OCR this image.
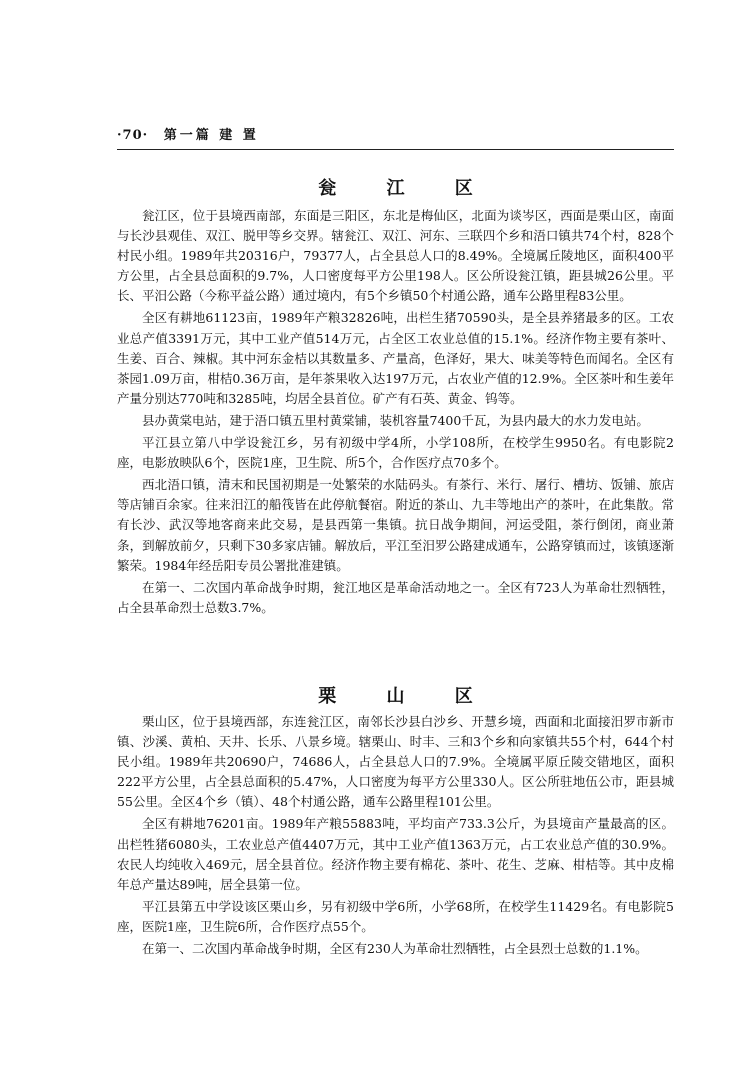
·70· 第一篇 建 置
瓮 江 区

瓮江区，位于县境西南部，东面是三阳区，东北是梅仙区，北面为谈岑区，西面是栗山区，南面与长沙县观佳、双江、脱甲等乡交界。辖瓮江、双江、河东、三联四个乡和浯口镇共74个村，828个村民小组。1989年共20316户，79377人，占全县总人口的8.49%。全境属丘陵地区，面积400平方公里，占全县总面积的9.7%，人口密度每平方公里198人。区公所设瓮江镇，距县城26公里。平长、平汨公路（今称平益公路）通过境内，有5个乡镇50个村通公路，通车公路里程83公里。

全区有耕地61123亩，1989年产粮32826吨，出栏生猪70590头，是全县养猪最多的区。工农业总产值3391万元，其中工业产值514万元，占全区工农业总值的15.1%。经济作物主要有茶叶、生姜、百合、辣椒。其中河东金桔以其数量多、产量高，色泽好，果大、味美等特色而闻名。全区有茶园1.09万亩，柑桔0.36万亩，是年茶果收入达197万元，占农业产值的12.9%。全区茶叶和生姜年产量分别达770吨和3285吨，均居全县首位。矿产有石英、黄金、钨等。

县办黄棠电站，建于浯口镇五里村黄棠铺，装机容量7400千瓦，为县内最大的水力发电站。

平江县立第八中学设瓮江乡，另有初级中学4所，小学108所，在校学生9950名。有电影院2座，电影放映队6个，医院1座，卫生院、所5个，合作医疗点70多个。

西北浯口镇，清末和民国初期是一处繁荣的水陆码头。有茶行、米行、屠行、槽坊、饭铺、旅店等店铺百余家。往来汨江的船筏皆在此停航餐宿。附近的茶山、九丰等地出产的茶叶，在此集散。常有长沙、武汉等地客商来此交易，是县西第一集镇。抗日战争期间，河运受阻，茶行倒闭，商业萧条，到解放前夕，只剩下30多家店铺。解放后，平江至汨罗公路建成通车，公路穿镇而过，该镇逐渐繁荣。1984年经岳阳专员公署批准建镇。

在第一、二次国内革命战争时期，瓮江地区是革命活动地之一。全区有723人为革命壮烈牺牲，占全县革命烈士总数3.7%。

栗 山 区

栗山区，位于县境西部，东连瓮江区，南邻长沙县白沙乡、开慧乡境，西面和北面接汨罗市新市镇、沙溪、黄柏、天井、长乐、八景乡境。辖栗山、时丰、三和3个乡和向家镇共55个村，644个村民小组。1989年共20690户，74686人，占全县总人口的7.9%。全境属平原丘陵交错地区，面积222平方公里，占全县总面积的5.47%，人口密度为每平方公里330人。区公所驻地伍公市，距县城55公里。全区4个乡（镇）、48个村通公路，通车公路里程101公里。

全区有耕地76201亩。1989年产粮55883吨，平均亩产733.3公斤，为县境亩产量最高的区。出栏牲猪6080头，工农业总产值4407万元，其中工业产值1363万元，占工农业总产值的30.9%。农民人均纯收入469元，居全县首位。经济作物主要有棉花、茶叶、花生、芝麻、柑桔等。其中皮棉年总产量达89吨，居全县第一位。

平江县第五中学设该区栗山乡，另有初级中学6所，小学68所，在校学生11429名。有电影院5座，医院1座，卫生院6所，合作医疗点55个。

在第一、二次国内革命战争时期，全区有230人为革命壮烈牺牲，占全县烈士总数的1.1%。
